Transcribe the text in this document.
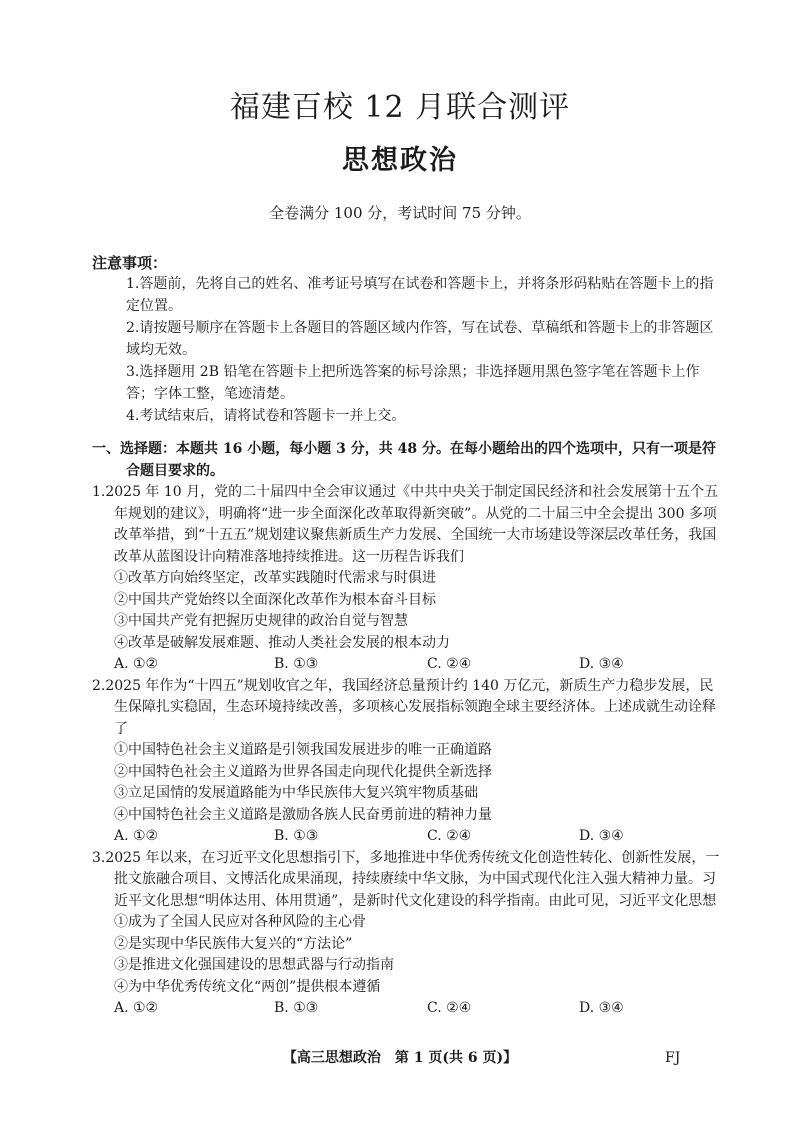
福建百校 12 月联合测评
思想政治
全卷满分 100 分，考试时间 75 分钟。
注意事项：

1.答题前，先将自己的姓名、准考证号填写在试卷和答题卡上，并将条形码粘贴在答题卡上的指定位置。

2.请按题号顺序在答题卡上各题目的答题区域内作答，写在试卷、草稿纸和答题卡上的非答题区域均无效。

3.选择题用 2B 铅笔在答题卡上把所选答案的标号涂黑；非选择题用黑色签字笔在答题卡上作答；字体工整，笔迹清楚。

4.考试结束后，请将试卷和答题卡一并上交。

一、选择题：本题共 16 小题，每小题 3 分，共 48 分。在每小题给出的四个选项中，只有一项是符合题目要求的。

1.2025 年 10 月，党的二十届四中全会审议通过《中共中央关于制定国民经济和社会发展第十五个五年规划的建议》，明确将“进一步全面深化改革取得新突破”。从党的二十届三中全会提出 300 多项改革举措，到“十五五”规划建议聚焦新质生产力发展、全国统一大市场建设等深层改革任务，我国改革从蓝图设计向精准落地持续推进。这一历程告诉我们

①改革方向始终坚定，改革实践随时代需求与时俱进

②中国共产党始终以全面深化改革作为根本奋斗目标

③中国共产党有把握历史规律的政治自觉与智慧

④改革是破解发展难题、推动人类社会发展的根本动力

A. ①②	B. ①③	C. ②④	D. ③④

2.2025 年作为“十四五”规划收官之年，我国经济总量预计约 140 万亿元，新质生产力稳步发展，民生保障扎实稳固，生态环境持续改善，多项核心发展指标领跑全球主要经济体。上述成就生动诠释了

①中国特色社会主义道路是引领我国发展进步的唯一正确道路

②中国特色社会主义道路为世界各国走向现代化提供全新选择

③立足国情的发展道路能为中华民族伟大复兴筑牢物质基础

④中国特色社会主义道路是激励各族人民奋勇前进的精神力量

A. ①②	B. ①③	C. ②④	D. ③④

3.2025 年以来，在习近平文化思想指引下，多地推进中华优秀传统文化创造性转化、创新性发展，一批文旅融合项目、文博活化成果涌现，持续赓续中华文脉，为中国式现代化注入强大精神力量。习近平文化思想“明体达用、体用贯通”，是新时代文化建设的科学指南。由此可见，习近平文化思想

①成为了全国人民应对各种风险的主心骨

②是实现中华民族伟大复兴的“方法论”

③是推进文化强国建设的思想武器与行动指南

④为中华优秀传统文化“两创”提供根本遵循

A. ①②	B. ①③	C. ②④	D. ③④
【高三思想政治　第 1 页(共 6 页)】	FJ
